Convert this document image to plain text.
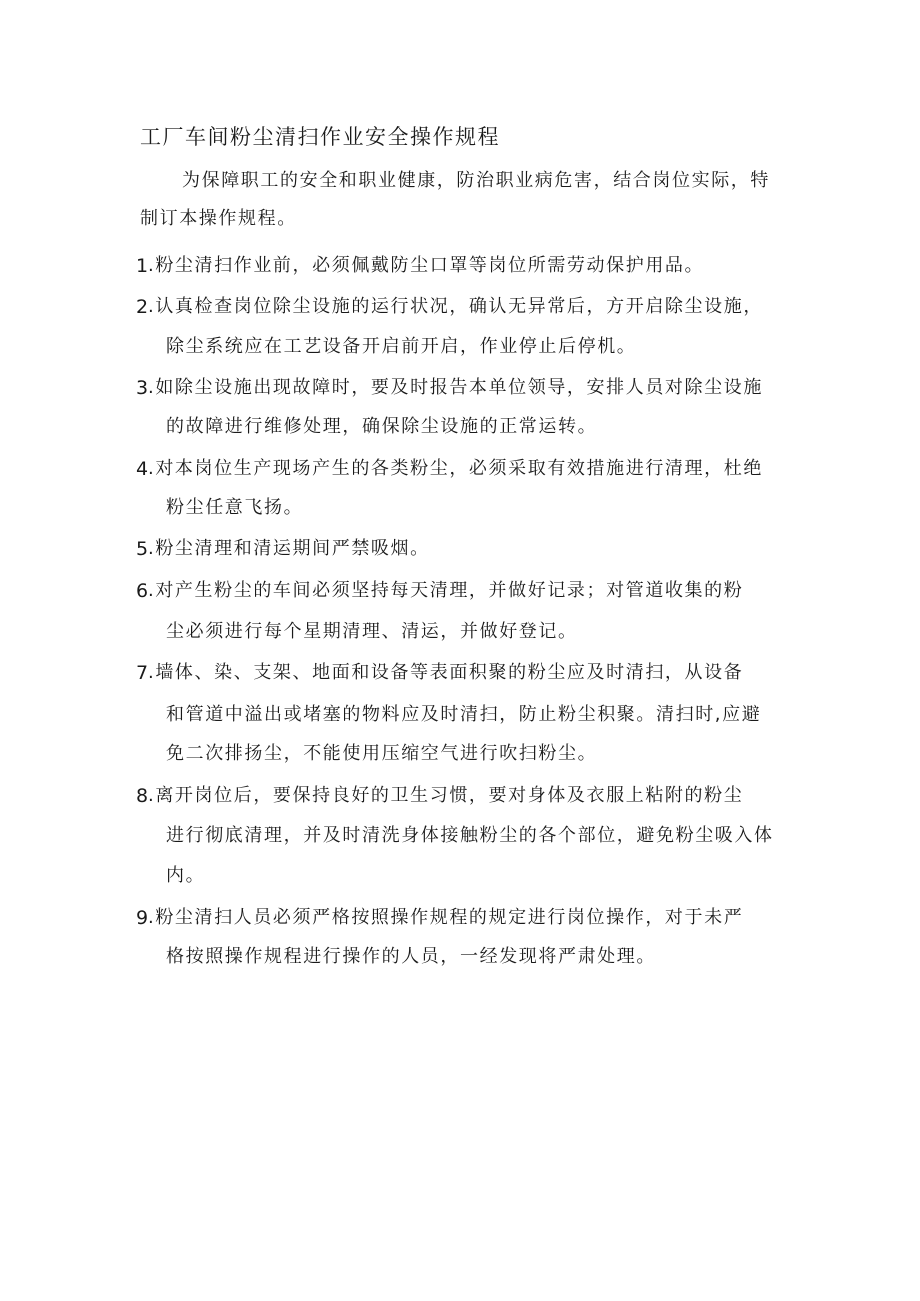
工厂车间粉尘清扫作业安全操作规程
为保障职工的安全和职业健康，防治职业病危害，结合岗位实际，特
制订本操作规程。
1 .粉尘清扫作业前，必须佩戴防尘口罩等岗位所需劳动保护用品。
2 .认真检查岗位除尘设施的运行状况，确认无异常后，方开启除尘设施，
除尘系统应在工艺设备开启前开启，作业停止后停机。
3 .如除尘设施出现故障时，要及时报告本单位领导，安排人员对除尘设施
的故障进行维修处理，确保除尘设施的正常运转。
4 .对本岗位生产现场产生的各类粉尘，必须采取有效措施进行清理，杜绝
粉尘任意飞扬。
5 .粉尘清理和清运期间严禁吸烟。
6 .对产生粉尘的车间必须坚持每天清理，并做好记录；对管道收集的粉
尘必须进行每个星期清理、清运，并做好登记。
7 .墙体、染、支架、地面和设备等表面积聚的粉尘应及时清扫，从设备
和管道中溢出或堵塞的物料应及时清扫，防止粉尘积聚。清扫时,应避
免二次排扬尘，不能使用压缩空气进行吹扫粉尘。
8 .离开岗位后，要保持良好的卫生习惯，要对身体及衣服上粘附的粉尘
进行彻底清理，并及时清洗身体接触粉尘的各个部位，避免粉尘吸入体
内。
9 .粉尘清扫人员必须严格按照操作规程的规定进行岗位操作，对于未严
格按照操作规程进行操作的人员，一经发现将严肃处理。
